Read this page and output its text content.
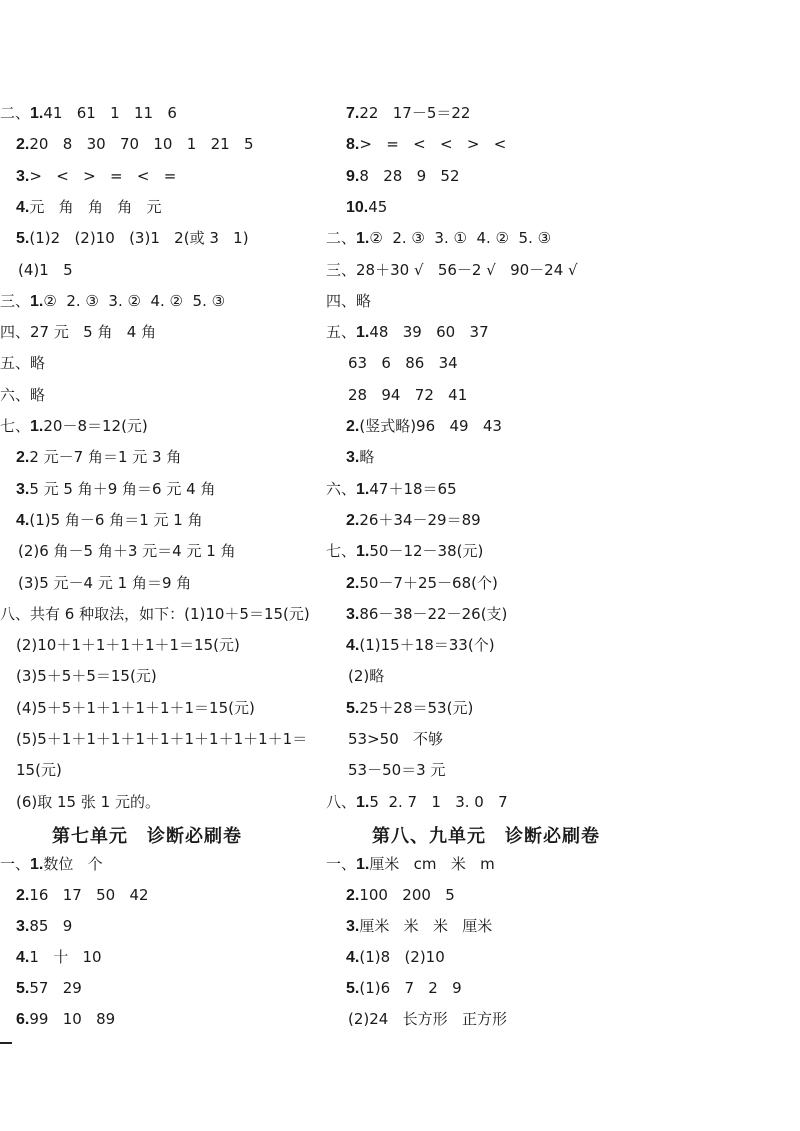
二、1.41   61   1   11   6
2.20   8   30   70   10   1   21   5
3.>   <   >   =   <   =
4.元   角   角   角   元
5.(1)2   (2)10   (3)1   2(或 3   1)
(4)1   5
三、1.②  2. ③  3. ②  4. ②  5. ③
四、27 元   5 角   4 角
五、略
六、略
七、1.20－8＝12(元)
2.2 元－7 角＝1 元 3 角
3.5 元 5 角＋9 角＝6 元 4 角
4.(1)5 角－6 角＝1 元 1 角
(2)6 角－5 角＋3 元＝4 元 1 角
(3)5 元－4 元 1 角＝9 角
八、共有 6 种取法，如下：(1)10＋5＝15(元)
(2)10＋1＋1＋1＋1＋1＝15(元)
(3)5＋5＋5＝15(元)
(4)5＋5＋1＋1＋1＋1＋1＝15(元)
(5)5＋1＋1＋1＋1＋1＋1＋1＋1＋1＋1＝
15(元)
(6)取 15 张 1 元的。
第七单元　诊断必刷卷
一、1.数位   个
2.16   17   50   42
3.85   9
4.1   十   10
5.57   29
6.99   10   89
7.22   17－5＝22
8.>   =   <   <   >   <
9.8   28   9   52
10.45
二、1.②  2. ③  3. ①  4. ②  5. ③
三、28＋30 √   56－2 √   90－24 √
四、略
五、1.48   39   60   37
63   6   86   34
28   94   72   41
2.(竖式略)96   49   43
3.略
六、1.47＋18＝65
2.26＋34－29＝89
七、1.50－12－38(元)
2.50－7＋25－68(个)
3.86－38－22－26(支)
4.(1)15＋18＝33(个)
(2)略
5.25＋28＝53(元)
53>50   不够
53－50＝3 元
八、1.5  2. 7   1   3. 0   7
第八、九单元　诊断必刷卷
一、1.厘米   cm   米   m
2.100   200   5
3.厘米   米   米   厘米
4.(1)8   (2)10
5.(1)6   7   2   9
(2)24   长方形   正方形
